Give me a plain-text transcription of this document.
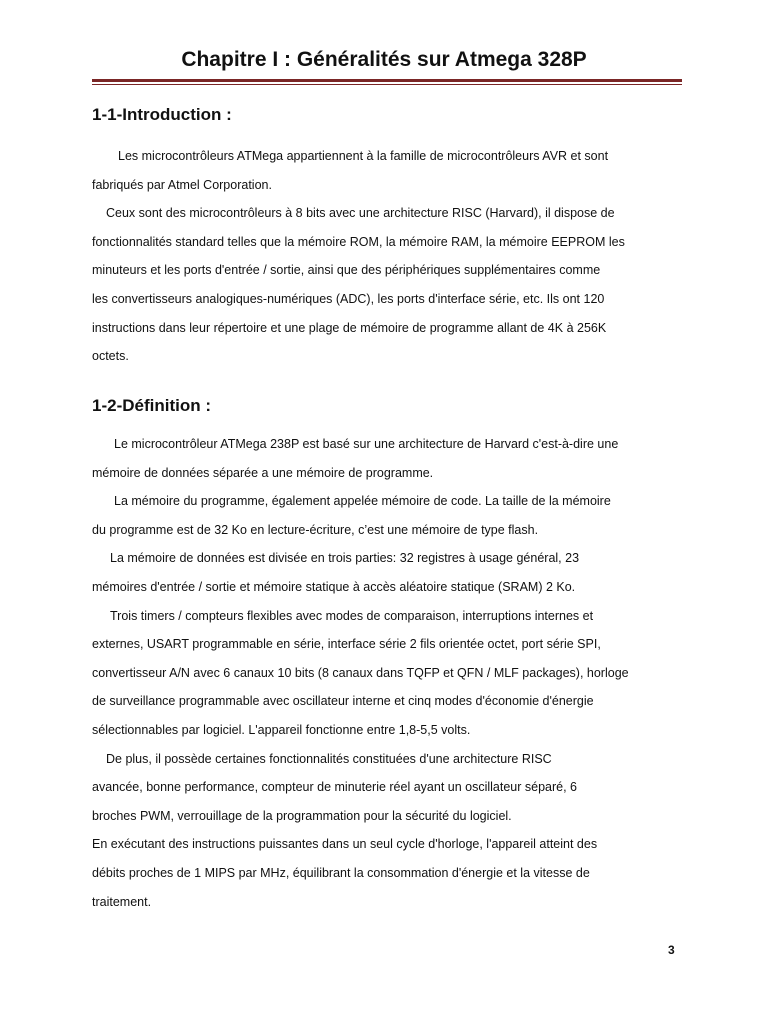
Chapitre I : Généralités sur Atmega 328P
1-1-Introduction :

Les microcontrôleurs ATMega appartiennent à la famille de microcontrôleurs AVR et sont
fabriqués par Atmel Corporation.

Ceux sont des microcontrôleurs à 8 bits avec une architecture RISC (Harvard), il dispose de
fonctionnalités standard telles que la mémoire ROM, la mémoire RAM, la mémoire EEPROM les
minuteurs et les ports d'entrée / sortie, ainsi que des périphériques supplémentaires comme
les convertisseurs analogiques-numériques (ADC), les ports d'interface série, etc. Ils ont 120
instructions dans leur répertoire et une plage de mémoire de programme allant de 4K à 256K
octets.

1-2-Définition :

Le microcontrôleur ATMega 238P est basé sur une architecture de Harvard c'est-à-dire une
mémoire de données séparée a une mémoire de programme.

La mémoire du programme, également appelée mémoire de code. La taille de la mémoire
du programme est de 32 Ko en lecture-écriture, c’est une mémoire de type flash.

La mémoire de données est divisée en trois parties: 32 registres à usage général, 23
mémoires d'entrée / sortie et mémoire statique à accès aléatoire statique (SRAM) 2 Ko.

Trois timers / compteurs flexibles avec modes de comparaison, interruptions internes et
externes, USART programmable en série, interface série 2 fils orientée octet, port série SPI,
convertisseur A/N avec 6 canaux 10 bits (8 canaux dans TQFP et QFN / MLF packages), horloge
de surveillance programmable avec oscillateur interne et cinq modes d'économie d'énergie
sélectionnables par logiciel. L'appareil fonctionne entre 1,8-5,5 volts.

De plus, il possède certaines fonctionnalités constituées d'une architecture RISC
avancée, bonne performance, compteur de minuterie réel ayant un oscillateur séparé, 6
broches PWM, verrouillage de la programmation pour la sécurité du logiciel.

En exécutant des instructions puissantes dans un seul cycle d'horloge, l'appareil atteint des
débits proches de 1 MIPS par MHz, équilibrant la consommation d'énergie et la vitesse de
traitement.

3
